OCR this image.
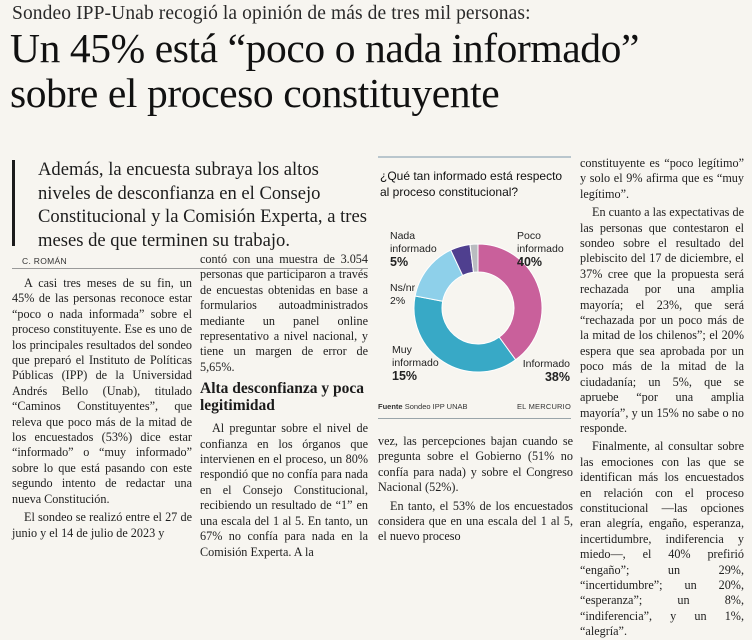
Sondeo IPP-Unab recogió la opinión de más de tres mil personas:
Un 45% está “poco o nada informado”
sobre el proceso constituyente
Además, la encuesta subraya los altos niveles de desconfianza en el Consejo Constitucional y la Comisión Experta, a tres meses de que terminen su trabajo.
C. ROMÁN

A casi tres meses de su fin, un 45% de las personas reconoce estar “poco o nada informada” sobre el proceso constituyente. Ese es uno de los principales resultados del sondeo que preparó el Instituto de Políticas Públicas (IPP) de la Universidad Andrés Bello (Unab), titulado “Caminos Constituyentes”, que releva que poco más de la mitad de los encuestados (53%) dice estar “informado” o “muy informado” sobre lo que está pasando con este segundo intento de redactar una nueva Constitución.

El sondeo se realizó entre el 27 de junio y el 14 de julio de 2023 y

contó con una muestra de 3.054 personas que participaron a través de encuestas obtenidas en base a formularios autoadministrados mediante un panel online representativo a nivel nacional, y tiene un margen de error de 5,65%.

Alta desconfianza y poca legitimidad

Al preguntar sobre el nivel de confianza en los órganos que intervienen en el proceso, un 80% respondió que no confía para nada en el Consejo Constitucional, recibiendo un resultado de “1” en una escala del 1 al 5. En tanto, un 67% no confía para nada en la Comisión Experta. A la

¿Qué tan informado está respecto al proceso constitucional?
Nada informado
5%
Ns/nr
2%
Poco informado
40%
Informado
38%
Muy informado
15%
Fuente Sondeo IPP UNAB	EL MERCURIO

vez, las percepciones bajan cuando se pregunta sobre el Gobierno (51% no confía para nada) y sobre el Congreso Nacional (52%).

En tanto, el 53% de los encuestados considera que en una escala del 1 al 5, el nuevo proceso

constituyente es “poco legítimo” y solo el 9% afirma que es “muy legítimo”.

En cuanto a las expectativas de las personas que contestaron el sondeo sobre el resultado del plebiscito del 17 de diciembre, el 37% cree que la propuesta será rechazada por una amplia mayoría; el 23%, que será “rechazada por un poco más de la mitad de los chilenos”; el 20% espera que sea aprobada por un poco más de la mitad de la ciudadanía; un 5%, que se apruebe “por una amplia mayoría”, y un 15% no sabe o no responde.

Finalmente, al consultar sobre las emociones con las que se identifican más los encuestados en relación con el proceso constitucional —las opciones eran alegría, engaño, esperanza, incertidumbre, indiferencia y miedo—, el 40% prefirió “engaño”; un 29%, “incertidumbre”; un 20%, “esperanza”; un 8%, “indiferencia”, y un 1%, “alegría”.
